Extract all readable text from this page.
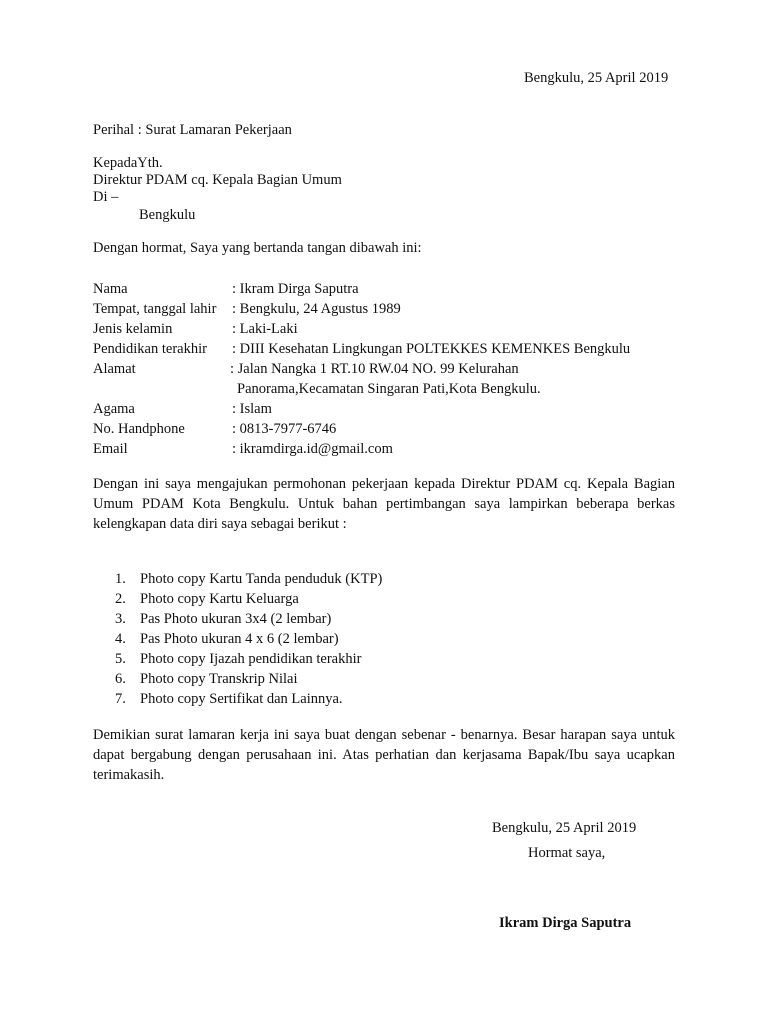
Bengkulu, 25 April 2019
Perihal : Surat Lamaran Pekerjaan
KepadaYth.
Direktur PDAM cq. Kepala Bagian Umum
Di –
Bengkulu
Dengan hormat, Saya yang bertanda tangan dibawah ini:
Nama	: Ikram Dirga Saputra
Tempat, tanggal lahir : Bengkulu, 24 Agustus 1989
Jenis kelamin	: Laki-Laki
Pendidikan terakhir : DIII Kesehatan Lingkungan POLTEKKES KEMENKES Bengkulu
Alamat	: Jalan Nangka 1 RT.10 RW.04 NO. 99 Kelurahan
Panorama,Kecamatan Singaran Pati,Kota Bengkulu.
Agama	: Islam
No. Handphone	: 0813-7977-6746
Email	: ikramdirga.id@gmail.com
Dengan ini saya mengajukan permohonan pekerjaan kepada Direktur PDAM cq. Kepala Bagian Umum PDAM Kota Bengkulu. Untuk bahan pertimbangan saya lampirkan beberapa berkas kelengkapan data diri saya sebagai berikut :
1. Photo copy Kartu Tanda penduduk (KTP)
2. Photo copy Kartu Keluarga
3. Pas Photo ukuran 3x4 (2 lembar)
4. Pas Photo ukuran 4 x 6 (2 lembar)
5. Photo copy Ijazah pendidikan terakhir
6. Photo copy Transkrip Nilai
7. Photo copy Sertifikat dan Lainnya.
Demikian surat lamaran kerja ini saya buat dengan sebenar - benarnya. Besar harapan saya untuk dapat bergabung dengan perusahaan ini. Atas perhatian dan kerjasama Bapak/Ibu saya ucapkan terimakasih.
Bengkulu, 25 April 2019
Hormat saya,
Ikram Dirga Saputra
